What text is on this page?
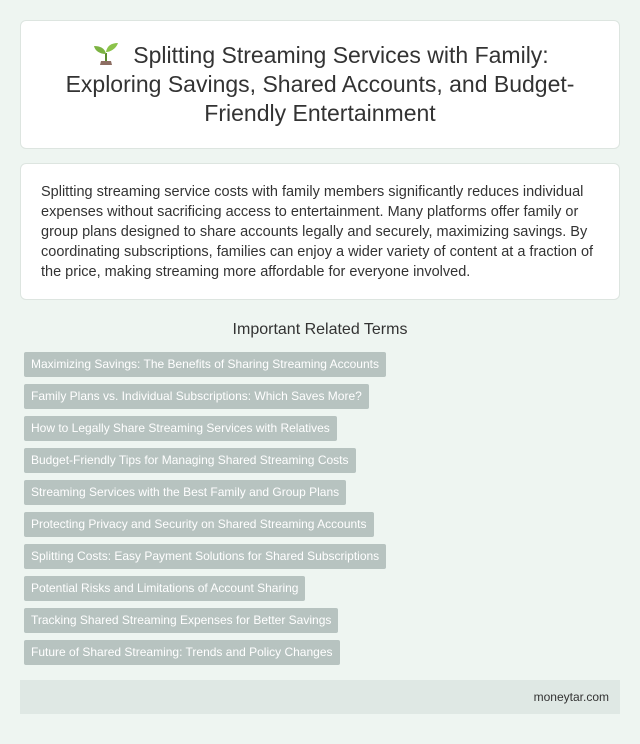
Splitting Streaming Services with Family: Exploring Savings, Shared Accounts, and Budget-Friendly Entertainment

Splitting streaming service costs with family members significantly reduces individual expenses without sacrificing access to entertainment. Many platforms offer family or group plans designed to share accounts legally and securely, maximizing savings. By coordinating subscriptions, families can enjoy a wider variety of content at a fraction of the price, making streaming more affordable for everyone involved.

Important Related Terms
Maximizing Savings: The Benefits of Sharing Streaming Accounts
Family Plans vs. Individual Subscriptions: Which Saves More?
How to Legally Share Streaming Services with Relatives
Budget-Friendly Tips for Managing Shared Streaming Costs
Streaming Services with the Best Family and Group Plans
Protecting Privacy and Security on Shared Streaming Accounts
Splitting Costs: Easy Payment Solutions for Shared Subscriptions
Potential Risks and Limitations of Account Sharing
Tracking Shared Streaming Expenses for Better Savings
Future of Shared Streaming: Trends and Policy Changes
moneytar.com
